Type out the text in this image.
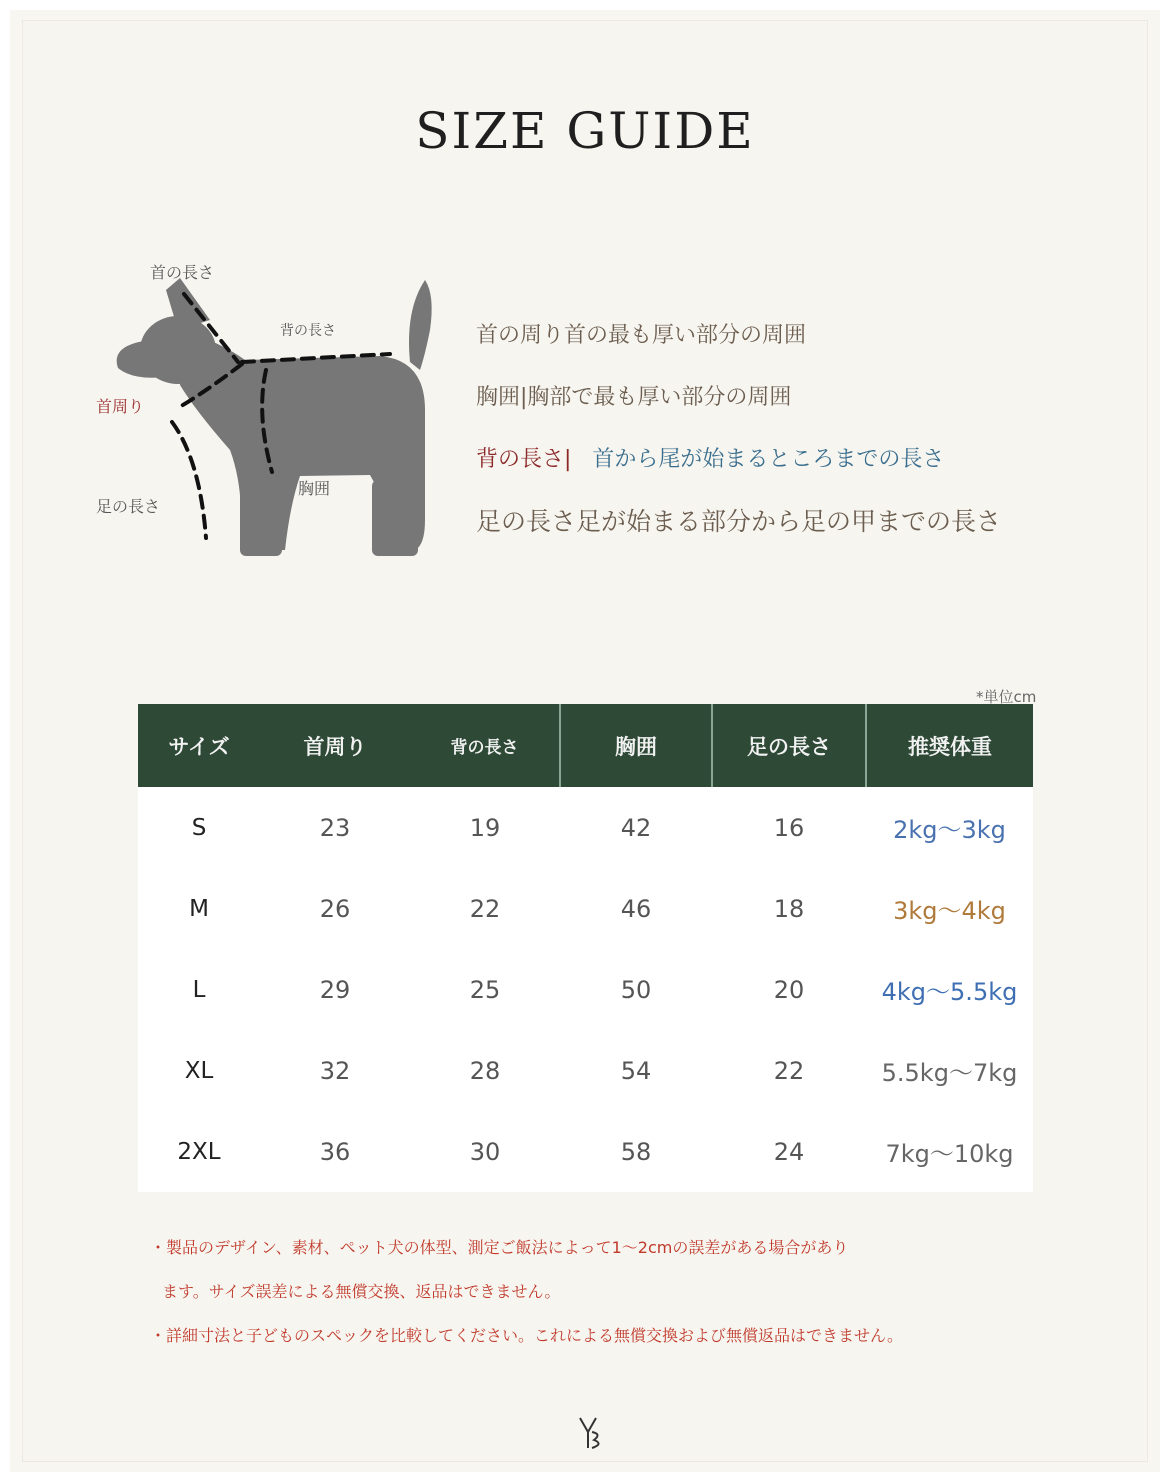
SIZE GUIDE
首の長さ
背の長さ
首周り
胸囲
足の長さ
首の周り首の最も厚い部分の周囲
胸囲|胸部で最も厚い部分の周囲
背の長さ| 首から尾が始まるところまでの長さ
足の長さ足が始まる部分から足の甲までの長さ
*単位cm
サイズ	首周り	背の長さ	胸囲	足の長さ	推奨体重
S	23	19	42	16	2kg～3kg
M	26	22	46	18	3kg～4kg
L	29	25	50	20	4kg～5.5kg
XL	32	28	54	22	5.5kg～7kg
2XL	36	30	58	24	7kg～10kg
・製品のデザイン、素材、ペット犬の体型、測定ご飯法によって1～2cmの誤差がある場合があり
ます。サイズ誤差による無償交換、返品はできません。
・詳細寸法と子どものスペックを比較してください。これによる無償交換および無償返品はできません。
